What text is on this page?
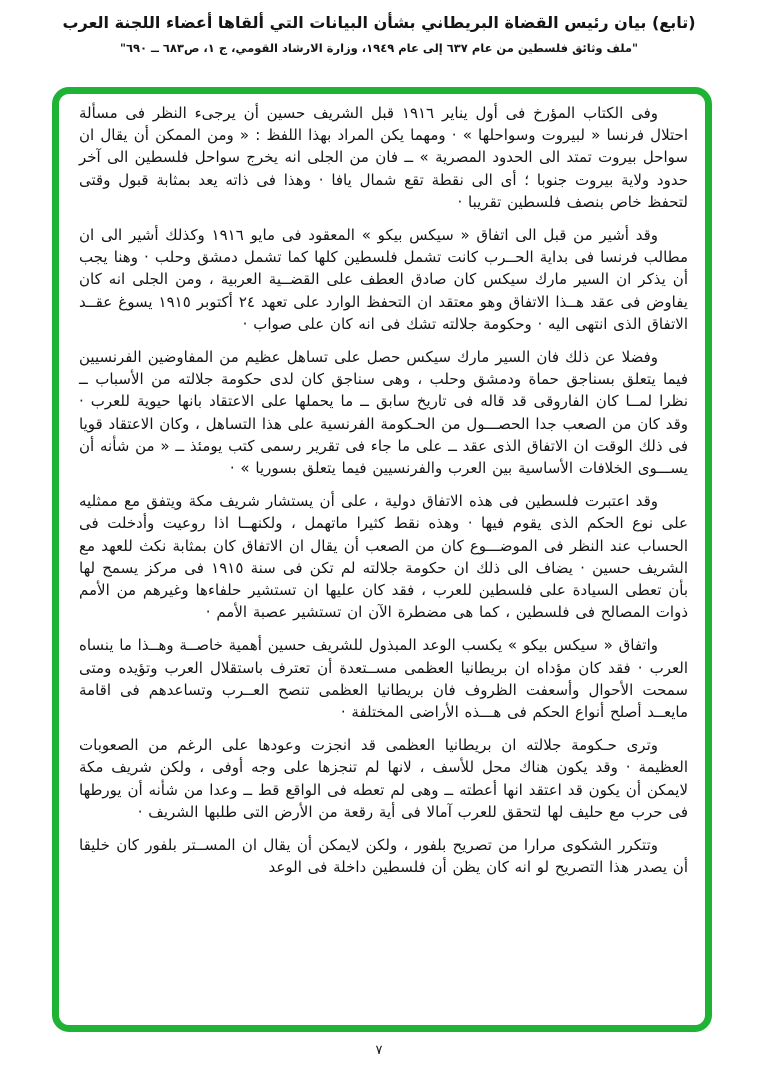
(تابع) بيان رئيس القضاة البريطاني بشأن البيانات التي ألقاها أعضاء اللجنة العرب
"ملف وثائق فلسطين من عام ٦٣٧ إلى عام ١٩٤٩، وزارة الارشاد القومي، ج ١، ص٦٨٣ ــ ٦٩٠"

وفى الكتاب المؤرخ فى أول يناير ١٩١٦ قبل الشريف حسين أن يرجىء النظر فى مسألة احتلال فرنسا « لبيروت وسواحلها » · ومهما يكن المراد بهذا اللفظ : « ومن الممكن أن يقال ان سواحل بيروت تمتد الى الحدود المصرية » ــ فان من الجلى انه يخرج سواحل فلسطين الى آخر حدود ولاية بيروت جنوبا ؛ أى الى نقطة تقع شمال يافا · وهذا فى ذاته يعد بمثابة قبول وقتى لتحفظ خاص بنصف فلسطين تقريبا ·

وقد أشير من قبل الى اتفاق « سيكس بيكو » المعقود فى مايو ١٩١٦ وكذلك أشير الى ان مطالب فرنسا فى بداية الحــرب كانت تشمل فلسطين كلها كما تشمل دمشق وحلب · وهنا يجب أن يذكر ان السير مارك سيكس كان صادق العطف على القضــية العربية ، ومن الجلى انه كان يفاوض فى عقد هــذا الاتفاق وهو معتقد ان التحفظ الوارد على تعهد ٢٤ أكتوبر ١٩١٥ يسوغ عقــد الاتفاق الذى انتهى اليه · وحكومة جلالته تشك فى انه كان على صواب ·

وفضلا عن ذلك فان السير مارك سيكس حصل على تساهل عظيم من المفاوضين الفرنسيين فيما يتعلق بسناجق حماة ودمشق وحلب ، وهى سناجق كان لدى حكومة جلالته من الأسباب ــ نظرا لمــا كان الفاروقى قد قاله فى تاريخ سابق ــ ما يحملها على الاعتقاد بانها حيوية للعرب · وقد كان من الصعب جدا الحصـــول من الحـكومة الفرنسية على هذا التساهل ، وكان الاعتقاد قويا فى ذلك الوقت ان الاتفاق الذى عقد ــ على ما جاء فى تقرير رسمى كتب يومئذ ــ « من شأنه أن يســـوى الخلافات الأساسية بين العرب والفرنسيين فيما يتعلق بسوريا » ·

وقد اعتبرت فلسطين فى هذه الاتفاق دولية ، على أن يستشار شريف مكة ويتفق مع ممثليه على نوع الحكم الذى يقوم فيها · وهذه نقط كثيرا ماتهمل ، ولكنهــا اذا روعيت وأدخلت فى الحساب عند النظر فى الموضـــوع كان من الصعب أن يقال ان الاتفاق كان بمثابة نكث للعهد مع الشريف حسين · يضاف الى ذلك ان حكومة جلالته لم تكن فى سنة ١٩١٥ فى مركز يسمح لها بأن تعطى السيادة على فلسطين للعرب ، فقد كان عليها ان تستشير حلفاءها وغيرهم من الأمم ذوات المصالح فى فلسطين ، كما هى مضطرة الآن ان تستشير عصبة الأمم ·

واتفاق « سيكس بيكو » يكسب الوعد المبذول للشريف حسين أهمية خاصــة وهــذا ما ينساه العرب · فقد كان مؤداه ان بريطانيا العظمى مســتعدة أن تعترف باستقلال العرب وتؤيده ومتى سمحت الأحوال وأسعفت الظروف فان بريطانيا العظمى تنصح العــرب وتساعدهم فى اقامة مايعــد أصلح أنواع الحكم فى هـــذه الأراضى المختلفة ·

وترى حـكومة جلالته ان بريطانيا العظمى قد انجزت وعودها على الرغم من الصعوبات العظيمة · وقد يكون هناك محل للأسف ، لانها لم تنجزها على وجه أوفى ، ولكن شريف مكة لايمكن أن يكون قد اعتقد انها أعطته ــ وهى لم تعطه فى الواقع قط ــ وعدا من شأنه أن يورطها فى حرب مع حليف لها لتحقق للعرب آمالا فى أية رقعة من الأرض التى طلبها الشريف ·

وتتكرر الشكوى مرارا من تصريح بلفور ، ولكن لايمكن أن يقال ان المســتر بلفور كان خليقا أن يصدر هذا التصريح لو انه كان يظن أن فلسطين داخلة فى الوعد

٧
